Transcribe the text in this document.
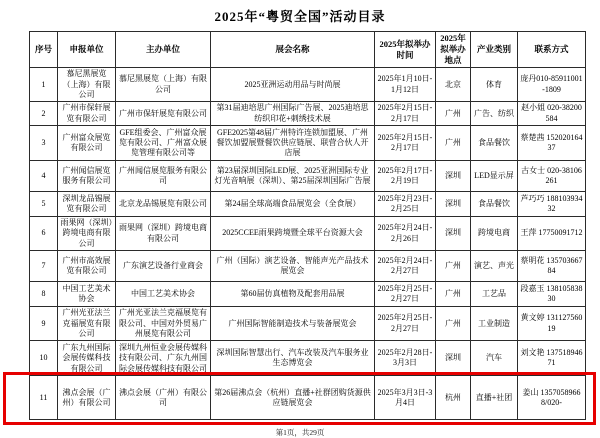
2025年“粤贸全国”活动目录
序号	申报单位	主办单位	展会名称	2025年拟举办时间	2025年拟举办地点	产业类别	联系方式
1	慕尼黑展览（上海）有限公司	慕尼黑展览（上海）有限公司	2025亚洲运动用品与时尚展	2025年1月10日-1月12日	北京	体育	庞丹010-85911001-1809
2	广州市保轩展览有限公司	广州市保轩展览有限公司	第31届迪培思广州国际广告展、2025迪培思纺织印花+刺绣技术展	2025年2月15日-2月17日	广州	广告、纺织	赵小姐 020-38200584
3	广州富众展览有限公司	GFE组委会、广州富众展览有限公司、广州富众展览管理有限公司等	GFE2025第48届广州特许连锁加盟展、广州餐饮加盟展暨餐饮供应链展、联营合伙人开店展	2025年2月15日-2月17日	广州	食品餐饮	蔡楚茜 15202016437
4	广州闻信展览服务有限公司	广州闻信展览服务有限公司	第23届深圳国际LED展、2025亚洲国际专业灯光音响展（深圳）、第25届深圳国际广告展	2025年2月17日-2月19日	深圳	LED显示屏	古女士 020-38106261
5	深圳龙品锡展览有限公司	北京龙品锡展览有限公司	第24届全球高端食品展览会（全食展）	2025年2月23日-2月25日	深圳	食品餐饮	芦巧巧 18810393432
6	雨果网（深圳）跨境电商有限公司	雨果网（深圳）跨境电商有限公司	2025CCEE雨果跨境暨全球平台资源大会	2025年2月24日-2月26日	深圳	跨境电商	王萍 17750091712
7	广州市高效展览有限公司	广东演艺设备行业商会	广州（国际）演艺设备、智能声光产品技术展览会	2025年2月24日-2月27日	广州	演艺、声光	蔡明花 13570366784
8	中国工艺美术协会	中国工艺美术协会	第60届仿真植物及配套用品展	2025年2月25日-2月27日	广州	工艺品	段嘉玉 13810583830
9	广州光亚法兰克福展览有限公司	广州光亚法兰克福展览有限公司、中国对外贸易广州展览有限公司	广州国际智能制造技术与装备展览会	2025年2月25日-2月27日	广州	工业制造	黄文婷 13112756019
10	广东九州国际会展传媒科技有限公司	深圳九州恒业会展传媒科技有限公司、广东九州国际会展传媒科技有限公司	深圳国际智慧出行、汽车改装及汽车服务业生态博览会	2025年2月28日-3月3日	深圳	汽车	刘文艳 13751894671
11	沸点会展（广州）有限公司	沸点会展（广州）有限公司	第26届沸点会（杭州）直播+社群团购货源供应链展览会	2025年3月3日-3月4日	杭州	直播+社团	姜山 13570589668/020-
第1页，共29页
